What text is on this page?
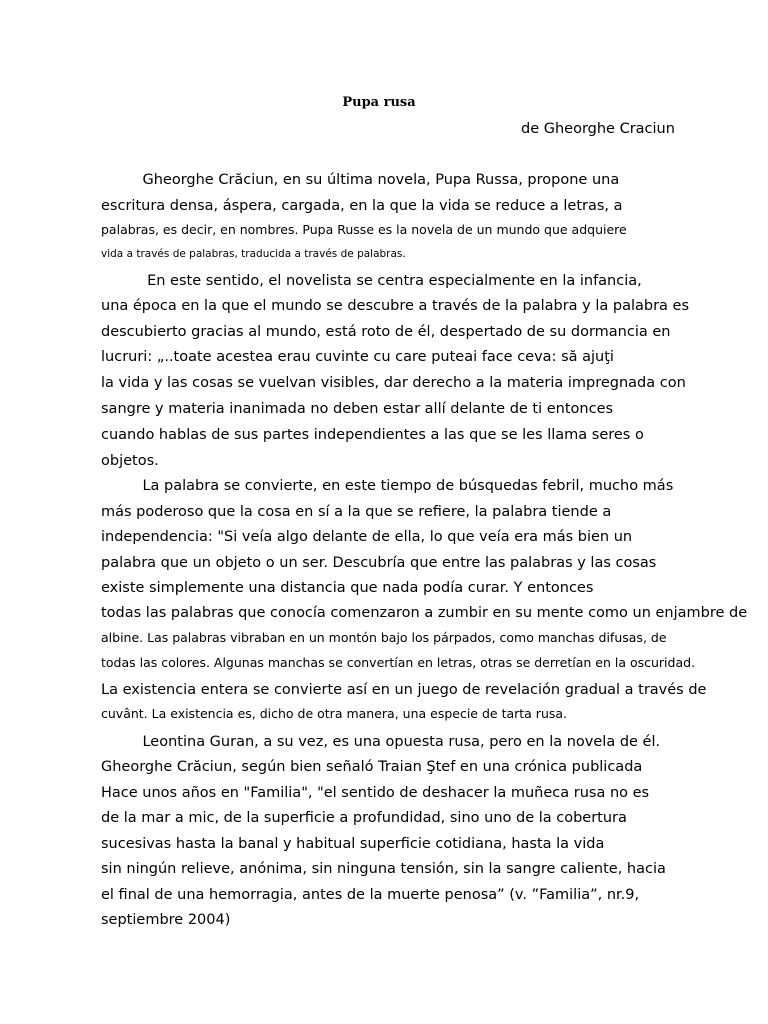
Pupa rusa
de Gheorghe Craciun
Gheorghe Crăciun, en su última novela, Pupa Russa, propone una
escritura densa, áspera, cargada, en la que la vida se reduce a letras, a
palabras, es decir, en nombres. Pupa Russe es la novela de un mundo que adquiere
vida a través de palabras, traducida a través de palabras.
En este sentido, el novelista se centra especialmente en la infancia,
una época en la que el mundo se descubre a través de la palabra y la palabra es
descubierto gracias al mundo, está roto de él, despertado de su dormancia en
lucruri: „..toate acestea erau cuvinte cu care puteai face ceva: să ajuţi
la vida y las cosas se vuelvan visibles, dar derecho a la materia impregnada con
sangre y materia inanimada no deben estar allí delante de ti entonces
cuando hablas de sus partes independientes a las que se les llama seres o
objetos.
La palabra se convierte, en este tiempo de búsquedas febril, mucho más
más poderoso que la cosa en sí a la que se refiere, la palabra tiende a
independencia: "Si veía algo delante de ella, lo que veía era más bien un
palabra que un objeto o un ser. Descubría que entre las palabras y las cosas
existe simplemente una distancia que nada podía curar. Y entonces
todas las palabras que conocía comenzaron a zumbir en su mente como un enjambre de
albine. Las palabras vibraban en un montón bajo los párpados, como manchas difusas, de
todas las colores. Algunas manchas se convertían en letras, otras se derretían en la oscuridad.
La existencia entera se convierte así en un juego de revelación gradual a través de
cuvânt. La existencia es, dicho de otra manera, una especie de tarta rusa.
Leontina Guran, a su vez, es una opuesta rusa, pero en la novela de él.
Gheorghe Crăciun, según bien señaló Traian Ştef en una crónica publicada
Hace unos años en "Familia", "el sentido de deshacer la muñeca rusa no es
de la mar a mic, de la superficie a profundidad, sino uno de la cobertura
sucesivas hasta la banal y habitual superficie cotidiana, hasta la vida
sin ningún relieve, anónima, sin ninguna tensión, sin la sangre caliente, hacia
el final de una hemorragia, antes de la muerte penosa” (v. ”Familia”, nr.9,
septiembre 2004)
